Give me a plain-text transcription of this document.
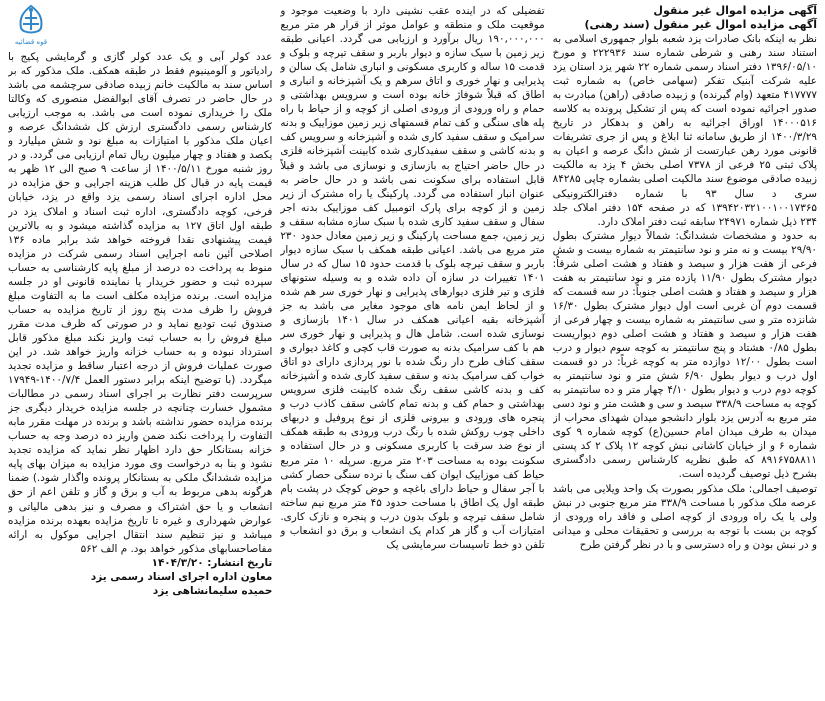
آگهی مزایده اموال غیر منقول

آگهی مزایده اموال غیر منقول (سند رهنی)

نظر به اینکه بانک صادرات یزد شعبه بلوار جمهوری اسلامی به استناد سند رهنی و شرطی شماره سند ۲۲۲۹۳۶ و مورخ ۱۳۹۶/۰۵/۱۰ دفتر اسناد رسمی شماره ۲۲ شهر یزد استان یزد علیه شرکت آبنیک تفکر (سهامی خاص) به شماره ثبت ۴۱۷۷۷۷ متعهد (وام گیرنده) و زبیده صادقی (راهن) مبادرت به صدور اجرائیه نموده است که پس از تشکیل پرونده به کلاسه ۱۴۰۰۰۵۱۶ اوراق اجرائیه به راهن و بدهکار در تاریخ ۱۴۰۰/۳/۲۹ از طریق سامانه ثنا ابلاغ و پس از جری تشریفات قانونی مورد رهن عبارتست از شش دانگ عرصه و اعیان به پلاک ثبتی ۲۵ فرعی از ۷۳۷۸ اصلی بخش ۴ یزد به مالکیت زبیده صادقی موضوع سند مالکیت اصلی بشماره چاپی ۸۴۲۸۵ سری د سال ۹۳ با شماره دفترالکترونیکی ۱۳۹۴۲۰۳۲۱۰۰۱۰۰۱۷۳۶۵ که در صفحه ۱۵۴ دفتر املاک جلد ۲۳۴ ذیل شماره ۲۴۹۷۱ سابقه ثبت دفتر املاک دارد.

به حدود و مشخصات ششدانگ: شمالاً دیوار مشترک بطول ۲۹/۹۰ بیست و نه متر و نود سانتیمتر به شماره بیست و شش فرعی از هفت هزار و سیصد و هفتاد و هشت اصلی شرقاً: دیوار مشترک بطول ۱۱/۹۰ یازده متر و نود سانتیمتر به هفت هزار و سیصد و هفتاد و هشت اصلی جنوباً: در سه قسمت که قسمت دوم آن غربی است اول دیوار مشترک بطول ۱۶/۳۰ شانزده متر و سی سانتیمتر به شماره بیست و چهار فرعی از هفت هزار و سیصد و هفتاد و هشت اصلی دوم دیواریست بطول ۰/۸۵ هشتاد و پنج سانتیمتر به کوچه سوم دیوار و درب است بطول ۱۲/۰۰ دوازده متر به کوچه غرباً: در دو قسمت اول درب و دیوار بطول ۶/۹۰ شش متر و نود سانتیمتر به کوچه دوم درب و دیوار بطول ۴/۱۰ چهار متر و ده سانتیمتر به کوچه به مساحت ۳۳۸/۹ سیصد و سی و هشت متر و نود دسی متر مربع به آدرس یزد بلوار دانشجو میدان شهدای محراب از میدان به طرف میدان امام حسین(ع) کوچه شماره ۹ کوی شماره ۶ و از خیابان کاشانی نبش کوچه ۱۲ پلاک ۲ کد پستی ۸۹۱۶۷۵۸۸۱۱ که طبق نظریه کارشناس رسمی دادگستری بشرح ذیل توصیف گردیده است.

توصیف اجمالی: ملک مذکور بصورت یک واحد ویلایی می باشد عرصه ملک مذکور با مساحت ۳۳۸/۹ متر مربع جنوبی در نبش ولی یا یک راه ورودی از کوچه اصلی و فاقد راه ورودی از کوچه بن بست با توجه به بررسی و تحقیقات محلی و میدانی و در نبش بودن و راه دسترسی و با در نظر گرفتن طرح

تفضیلی که در اینده عقب نشینی دارد با وضعیت موجود و موقعیت ملک و منطقه و عوامل موثر از قرار هر متر مربع ۱۹۰,۰۰۰,۰۰۰ ریال برآورد و ارزیابی می گردد. اعیانی طبقه زیر زمین با سیک سازه و دیوار باربر و سقف تیرچه و بلوک و قدمت ۱۵ ساله و کاربری مسکونی و انباری شامل یک سالن و پذیرایی و نهار خوری و اتاق سرهم و یک آشپزخانه و انباری و اطاق که قبلاً شوفاژ خانه بوده است و سرویس بهداشتی و حمام و راه ورودی از ورودی اصلی از کوچه و از حیاط با راه پله های سنگی و کف تمام قسمتهای زیر زمین موزاییک و بدنه سرامیک و سقف سفید کاری شده و آشپزخانه و سرویس کف و بدنه کاشی و سقف سفیدکاری شده کابینت آشپزخانه فلزی در حال حاضر احتیاج به بازسازی و نوسازی می باشد و قبلاً قابل استفاده برای سکونت نمی باشد و در حال حاضر به عنوان انبار استفاده می گردد. پارکینگ یا راه مشترک از زیر زمین و از کوچه برای پارک اتومبیل کف موزاییک بدنه اجر سفال و سقف سفید کاری شده با سبک سازه مشابه سقف و زیر زمین، جمع مساحت پارکینگ و زیر زمین معادل حدود ۲۳۰ متر مربع می باشد. اعیانی طبقه همکف با سبک سازه دیوار باربر و سقف تیرچه بلوک با قدمت حدود ۱۵ سال که در سال ۱۴۰۱ تغییرات در سازه آن داده شده و به وسیله ستونهای فلزی و تیر فلزی دیوارهای پذیرایی و نهار خوری سر هم شده و از لحاظ ایمن نامه های موجود مغایر می باشد به جز آشپزخانه بقیه اعیانی همکف در سال ۱۴۰۱ بازسازی و نوسازی شده است. شامل هال و پذیرایی و نهار خوری سر هم با کف سرامیک بدنه به صورت قاب کچی و کاغذ دیواری و سقف کناف طرح دار رنگ شده با نور پردازی دارای دو اتاق خواب کف سرامیک بدنه و سقف سفید کاری شده و آشپزخانه کف و بدنه کاشی سقف رنگ شده کابینت فلزی سرویس بهداشتی و حمام کف و بدنه تمام کاشی سقف کاذب درب و پنجره های ورودی و بیرونی فلزی از نوع پروفیل و دربهای داخلی چوب روکش شده با رنگ درب ورودی به طبقه همکف از نوع ضد سرقت با کاربری مسکونی و در حال استفاده و سکونت بوده به مساحت ۲۰۳ متر مربع. سرپله ۱۰ متر مربع حیاط کف موزاییک ایوان کف سنگ با نرده سنگی حصار کشی با آجر سفال و حیاط دارای باغچه و حوض کوچک در پشت بام طبقه اول یک اطاق با مساحت حدود ۴۵ متر مربع نیم ساخته شامل سقف تیرچه و بلوک بدون درب و پنجره و نازک کاری. امتیازات آب و گاز هر کدام یک انشعاب و برق دو انشعاب و تلفن دو خط تاسیسات سرمایشی یک

عدد کولر آبی و یک عدد کولر گازی و گرمایشی پکیج با رادیاتور و آلومینیوم فقط در طبقه همکف. ملک مذکور که بر اساس سند به مالکیت خانم زبیده صادقی سرچشمه می باشد در حال حاضر در تصرف آقای ابوالفضل منصوری که وکالتا ملک را خریداری نموده است می باشد. به موجب ارزیابی کارشناس رسمی دادگستری ارزش کل ششدانگ عرصه و اعیان ملک مذکور با امتیازات به مبلغ نود و شش میلیارد و یکصد و هفتاد و چهار میلیون ریال تمام ارزیابی می گردد. و در روز شنبه مورخ ۱۴۰۰/۵/۱۱ از ساعت ۹ صبح الی ۱۲ ظهر به قیمت پایه در قبال کل طلب هزینه اجرایی و حق مزایده در محل اداره اجرای اسناد رسمی یزد واقع در یزد، خیابان فرخی، کوچه دادگستری، اداره ثبت اسناد و املاک یزد در طبقه اول اتاق ۱۲۷ به مزایده گذاشته میشود و به بالاترین قیمت پیشنهادی نقدا فروخته خواهد شد برابر ماده ۱۳۶ اصلاحی آئین نامه اجرایی اسناد رسمی شرکت در مزایده منوط به پرداخت ده درصد از مبلغ پایه کارشناسی به حساب سپرده ثبت و حضور خریدار یا نماینده قانونی او در جلسه مزایده است. برنده مزایده مکلف است ما به التفاوت مبلغ فروش را ظرف مدت پنج روز از تاریخ مزایده به حساب صندوق ثبت تودیع نماید و در صورتی که ظرف مدت مقرر مبلغ فروش را به حساب ثبت واریز نکند مبلغ مذکور قابل استرداد نبوده و به حساب خزانه واریز خواهد شد. در این صورت عملیات فروش از درجه اعتبار ساقط و مزایده تجدید میگردد. (با توضیح اینکه برابر دستور العمل ۱۴۰۰/۷/۴-۱۷۹۴۹ سرپرست دفتر نظارت بر اجرای اسناد رسمی در مطالبات مشمول خسارت چنانچه در جلسه مزایده خریدار دیگری جز برنده مزایده حضور نداشته باشد و برنده در مهلت مقرر مابه التفاوت را پرداخت نکند ضمن واریز ده درصد وجه به حساب خزانه بستانکار حق دارد اظهار نظر نماید که مزایده تجدید نشود و بنا به درخواست وی مورد مزایده به میزان بهای پایه مزایده ششدانگ ملکی به بستانکار پرونده واگذار شود.) ضمنا هرگونه بدهی مربوط به آب و برق و گاز و تلفن اعم از حق انشعاب و یا حق اشتراک و مصرف و نیز بدهی مالیاتی و عوارض شهرداری و غیره تا تاریخ مزایده بعهده برنده مزایده میباشد و نیز تنظیم سند انتقال اجرایی موکول به ارائه مفاصاحسابهای مذکور خواهد بود. م الف ۵۶۲

تاریخ انتشار: ۱۴۰۴/۳/۲۰

معاون اداره اجرای اسناد رسمی یزد

حمیده سلیمانشاهی یزد

قوه قضائیه
